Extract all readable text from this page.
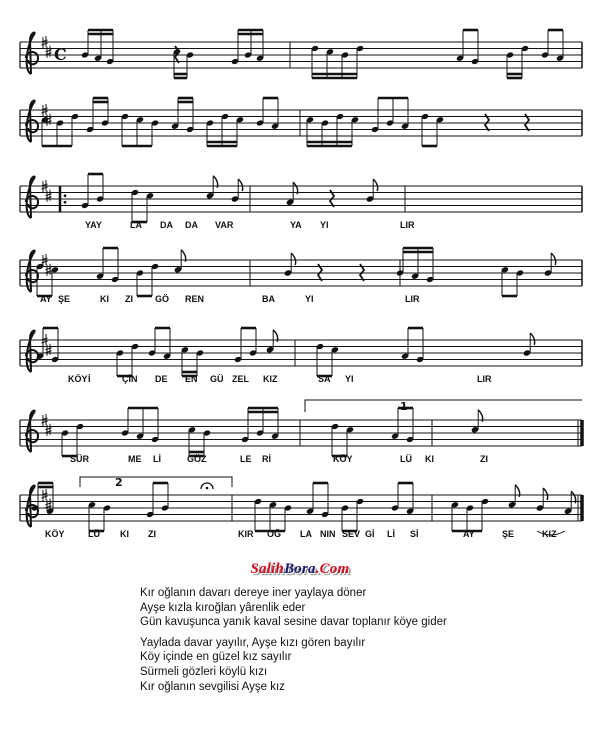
C
YAY	LA DA DA VAR	YA YI	LIR
AY ŞE	KI ZI GÖ REN	BA	YI	LIR
KÖY İ	ÇİN DE EN GÜ ZEL KIZ	SA YI	LIR
SÜR	ME Lİ	GÖZ	LE Rİ	KÖY	LÜ KI	ZI
KÖY	LÜ KI ZI	KIR OĞ LA NIN SEV Gİ Lİ Sİ	AY	ŞE	KIZ
1
2
SalihBora.Com
Kır oğlanın davarı dereye iner yaylaya döner
Ayşe kızla kıroğlan yârenlik eder
Gün kavuşunca yanık kaval sesine davar toplanır köye gider
Yaylada davar yayılır, Ayşe kızı gören bayılır
Köy içinde en güzel kız sayılır
Sürmeli gözleri köylü kızı
Kır oğlanın sevgilisi Ayşe kız
